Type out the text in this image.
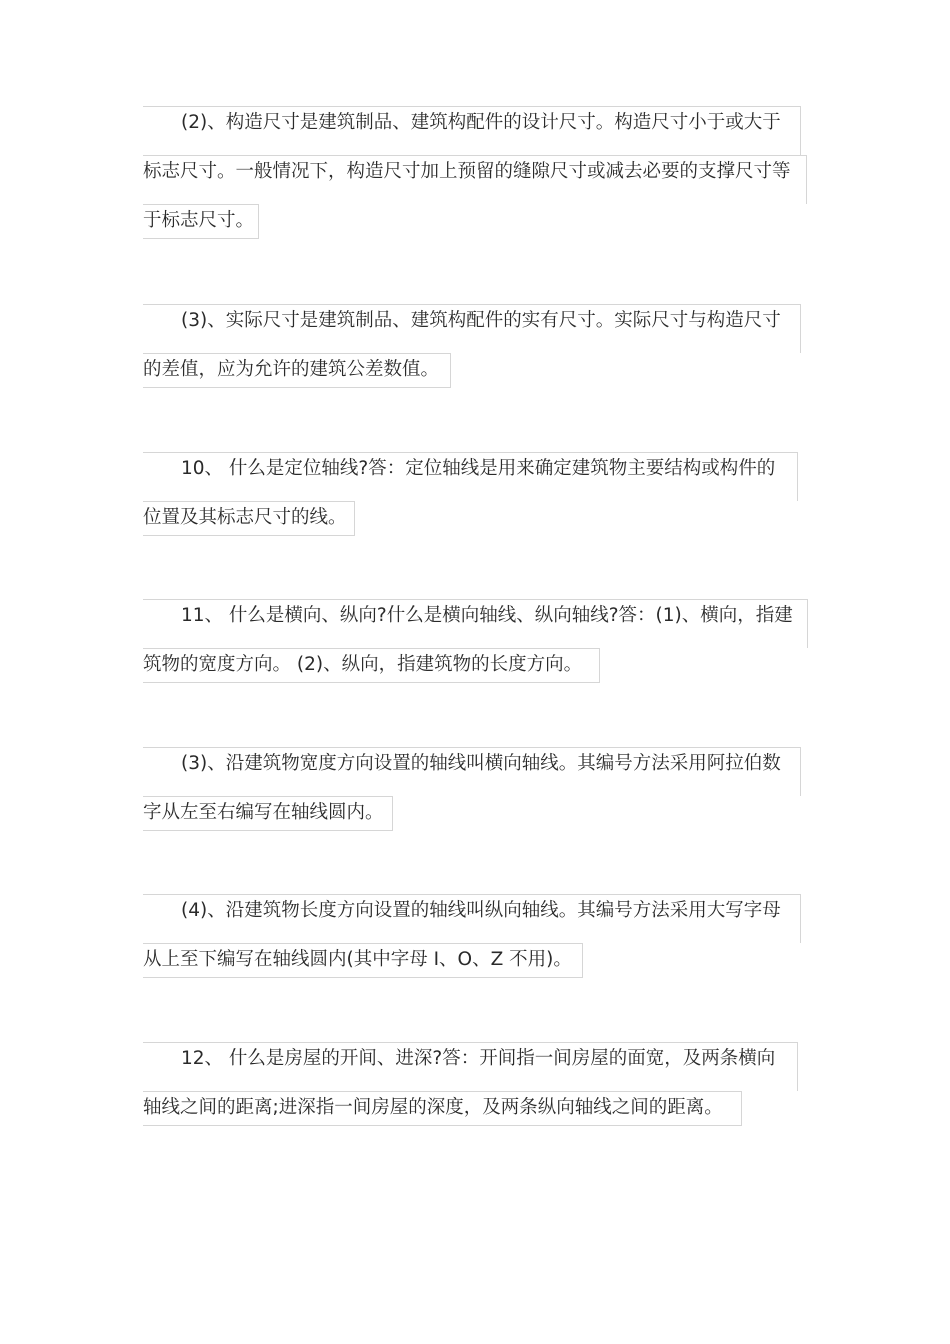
(2)、构造尺寸是建筑制品、建筑构配件的设计尺寸。构造尺寸小于或大于
标志尺寸。一般情况下，构造尺寸加上预留的缝隙尺寸或减去必要的支撑尺寸等
于标志尺寸。
(3)、实际尺寸是建筑制品、建筑构配件的实有尺寸。实际尺寸与构造尺寸
的差值，应为允许的建筑公差数值。
10、 什么是定位轴线?答：定位轴线是用来确定建筑物主要结构或构件的
位置及其标志尺寸的线。
11、 什么是横向、纵向?什么是横向轴线、纵向轴线?答：(1)、横向，指建
筑物的宽度方向。 (2)、纵向，指建筑物的长度方向。
(3)、沿建筑物宽度方向设置的轴线叫横向轴线。其编号方法采用阿拉伯数
字从左至右编写在轴线圆内。
(4)、沿建筑物长度方向设置的轴线叫纵向轴线。其编号方法采用大写字母
从上至下编写在轴线圆内(其中字母 I、O、Z 不用)。
12、 什么是房屋的开间、进深?答：开间指一间房屋的面宽，及两条横向
轴线之间的距离;进深指一间房屋的深度，及两条纵向轴线之间的距离。
